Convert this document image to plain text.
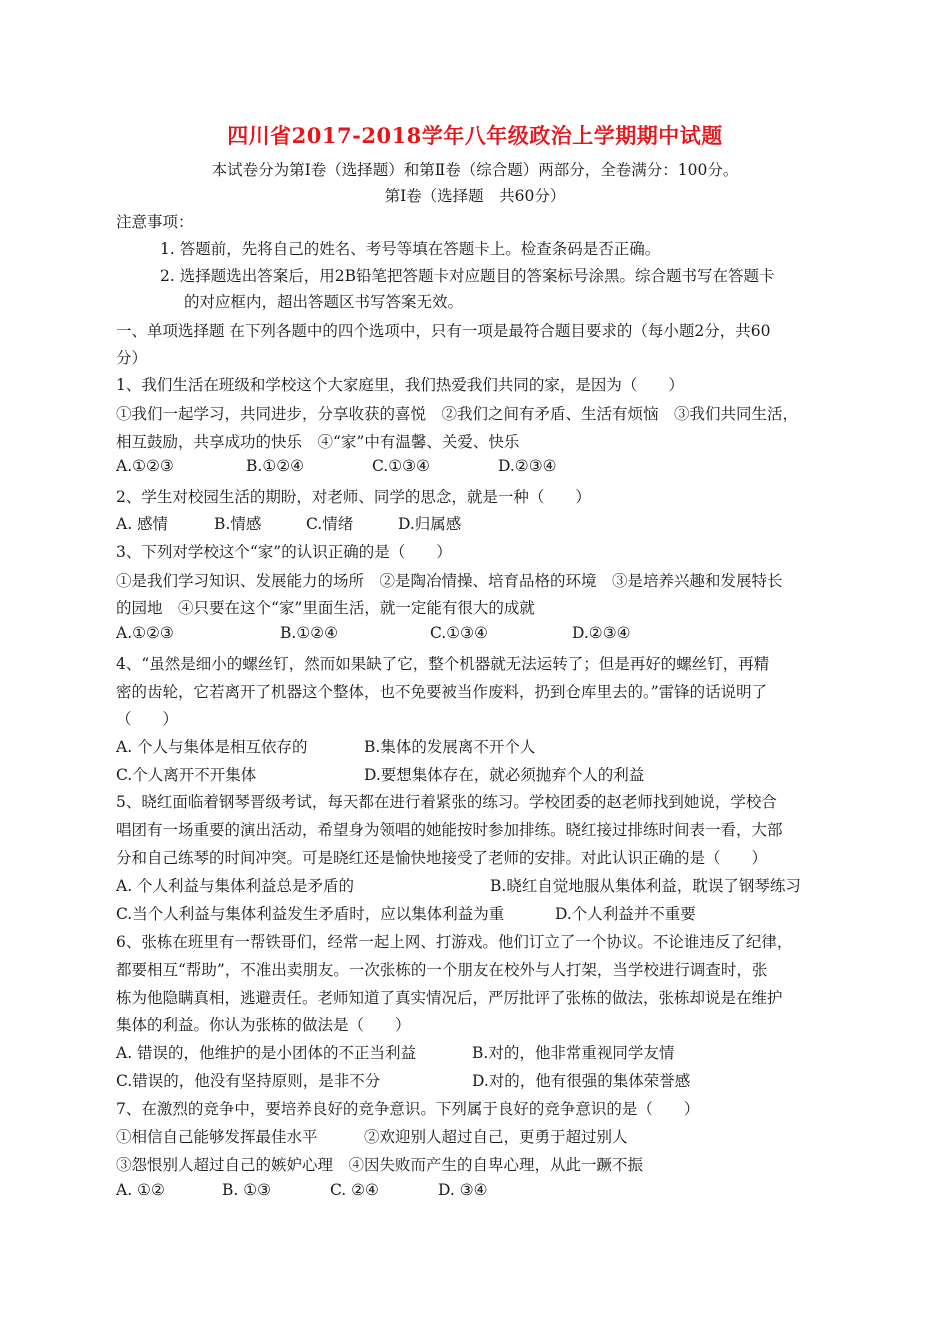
四川省2017-2018学年八年级政治上学期期中试题
本试卷分为第Ⅰ卷（选择题）和第Ⅱ卷（综合题）两部分，全卷满分：100分。
第Ⅰ卷（选择题　共60分）
注意事项：
1. 答题前，先将自己的姓名、考号等填在答题卡上。检查条码是否正确。
2. 选择题选出答案后，用2B铅笔把答题卡对应题目的答案标号涂黑。综合题书写在答题卡
的对应框内，超出答题区书写答案无效。
一、单项选择题 在下列各题中的四个选项中，只有一项是最符合题目要求的（每小题2分，共60
分）
1、我们生活在班级和学校这个大家庭里，我们热爱我们共同的家，是因为（　　）
①我们一起学习，共同进步，分享收获的喜悦　②我们之间有矛盾、生活有烦恼　③我们共同生活，
相互鼓励，共享成功的快乐　④“家”中有温馨、关爱、快乐
A.①②③	B.①②④	C.①③④	D.②③④
2、学生对校园生活的期盼，对老师、同学的思念，就是一种（　　）
A. 感情	B.情感	C.情绪	D.归属感
3、下列对学校这个“家”的认识正确的是（　　）
①是我们学习知识、发展能力的场所　②是陶冶情操、培育品格的环境　③是培养兴趣和发展特长
的园地　④只要在这个“家”里面生活，就一定能有很大的成就
A.①②③	B.①②④	C.①③④	D.②③④
4、“虽然是细小的螺丝钉，然而如果缺了它，整个机器就无法运转了；但是再好的螺丝钉，再精
密的齿轮，它若离开了机器这个整体，也不免要被当作废料，扔到仓库里去的。”雷锋的话说明了
（　　）
A. 个人与集体是相互依存的	B.集体的发展离不开个人
C.个人离开不开集体	D.要想集体存在，就必须抛弃个人的利益
5、晓红面临着钢琴晋级考试，每天都在进行着紧张的练习。学校团委的赵老师找到她说，学校合
唱团有一场重要的演出活动，希望身为领唱的她能按时参加排练。晓红接过排练时间表一看，大部
分和自己练琴的时间冲突。可是晓红还是愉快地接受了老师的安排。对此认识正确的是（　　）
A. 个人利益与集体利益总是矛盾的	B.晓红自觉地服从集体利益，耽误了钢琴练习
C.当个人利益与集体利益发生矛盾时，应以集体利益为重	D.个人利益并不重要
6、张栋在班里有一帮铁哥们，经常一起上网、打游戏。他们订立了一个协议。不论谁违反了纪律，
都要相互“帮助”，不准出卖朋友。一次张栋的一个朋友在校外与人打架，当学校进行调查时，张
栋为他隐瞒真相，逃避责任。老师知道了真实情况后，严厉批评了张栋的做法，张栋却说是在维护
集体的利益。你认为张栋的做法是（　　）
A. 错误的，他维护的是小团体的不正当利益	B.对的，他非常重视同学友情
C.错误的，他没有坚持原则，是非不分	D.对的，他有很强的集体荣誉感
7、在激烈的竞争中，要培养良好的竞争意识。下列属于良好的竞争意识的是（　　）
①相信自己能够发挥最佳水平　　　②欢迎别人超过自己，更勇于超过别人
③怨恨别人超过自己的嫉妒心理　④因失败而产生的自卑心理，从此一蹶不振
A. ①②	B. ①③	C. ②④	D. ③④
